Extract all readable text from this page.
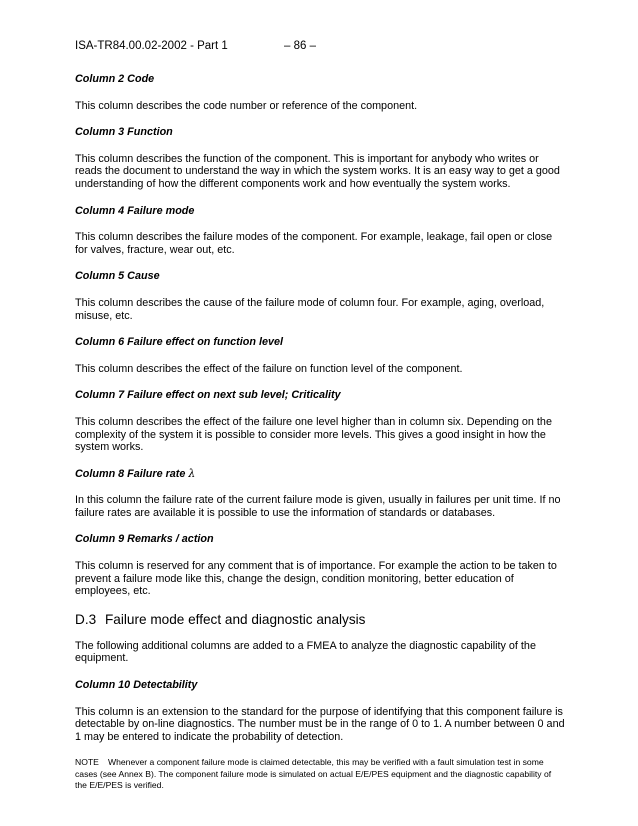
ISA-TR84.00.02-2002 - Part 1	– 86 –

Column 2 Code

This column describes the code number or reference of the component.

Column 3 Function

This column describes the function of the component. This is important for anybody who writes or reads the document to understand the way in which the system works. It is an easy way to get a good understanding of how the different components work and how eventually the system works.

Column 4 Failure mode

This column describes the failure modes of the component. For example, leakage, fail open or close for valves, fracture, wear out, etc.

Column 5 Cause

This column describes the cause of the failure mode of column four. For example, aging, overload, misuse, etc.

Column 6 Failure effect on function level

This column describes the effect of the failure on function level of the component.

Column 7 Failure effect on next sub level; Criticality

This column describes the effect of the failure one level higher than in column six. Depending on the complexity of the system it is possible to consider more levels. This gives a good insight in how the system works.

Column 8 Failure rate λ

In this column the failure rate of the current failure mode is given, usually in failures per unit time. If no failure rates are available it is possible to use the information of standards or databases.

Column 9 Remarks / action

This column is reserved for any comment that is of importance. For example the action to be taken to prevent a failure mode like this, change the design, condition monitoring, better education of employees, etc.

D.3 Failure mode effect and diagnostic analysis

The following additional columns are added to a FMEA to analyze the diagnostic capability of the equipment.

Column 10 Detectability

This column is an extension to the standard for the purpose of identifying that this component failure is detectable by on-line diagnostics. The number must be in the range of 0 to 1. A number between 0 and 1 may be entered to indicate the probability of detection.

NOTE Whenever a component failure mode is claimed detectable, this may be verified with a fault simulation test in some cases (see Annex B). The component failure mode is simulated on actual E/E/PES equipment and the diagnostic capability of the E/E/PES is verified.
